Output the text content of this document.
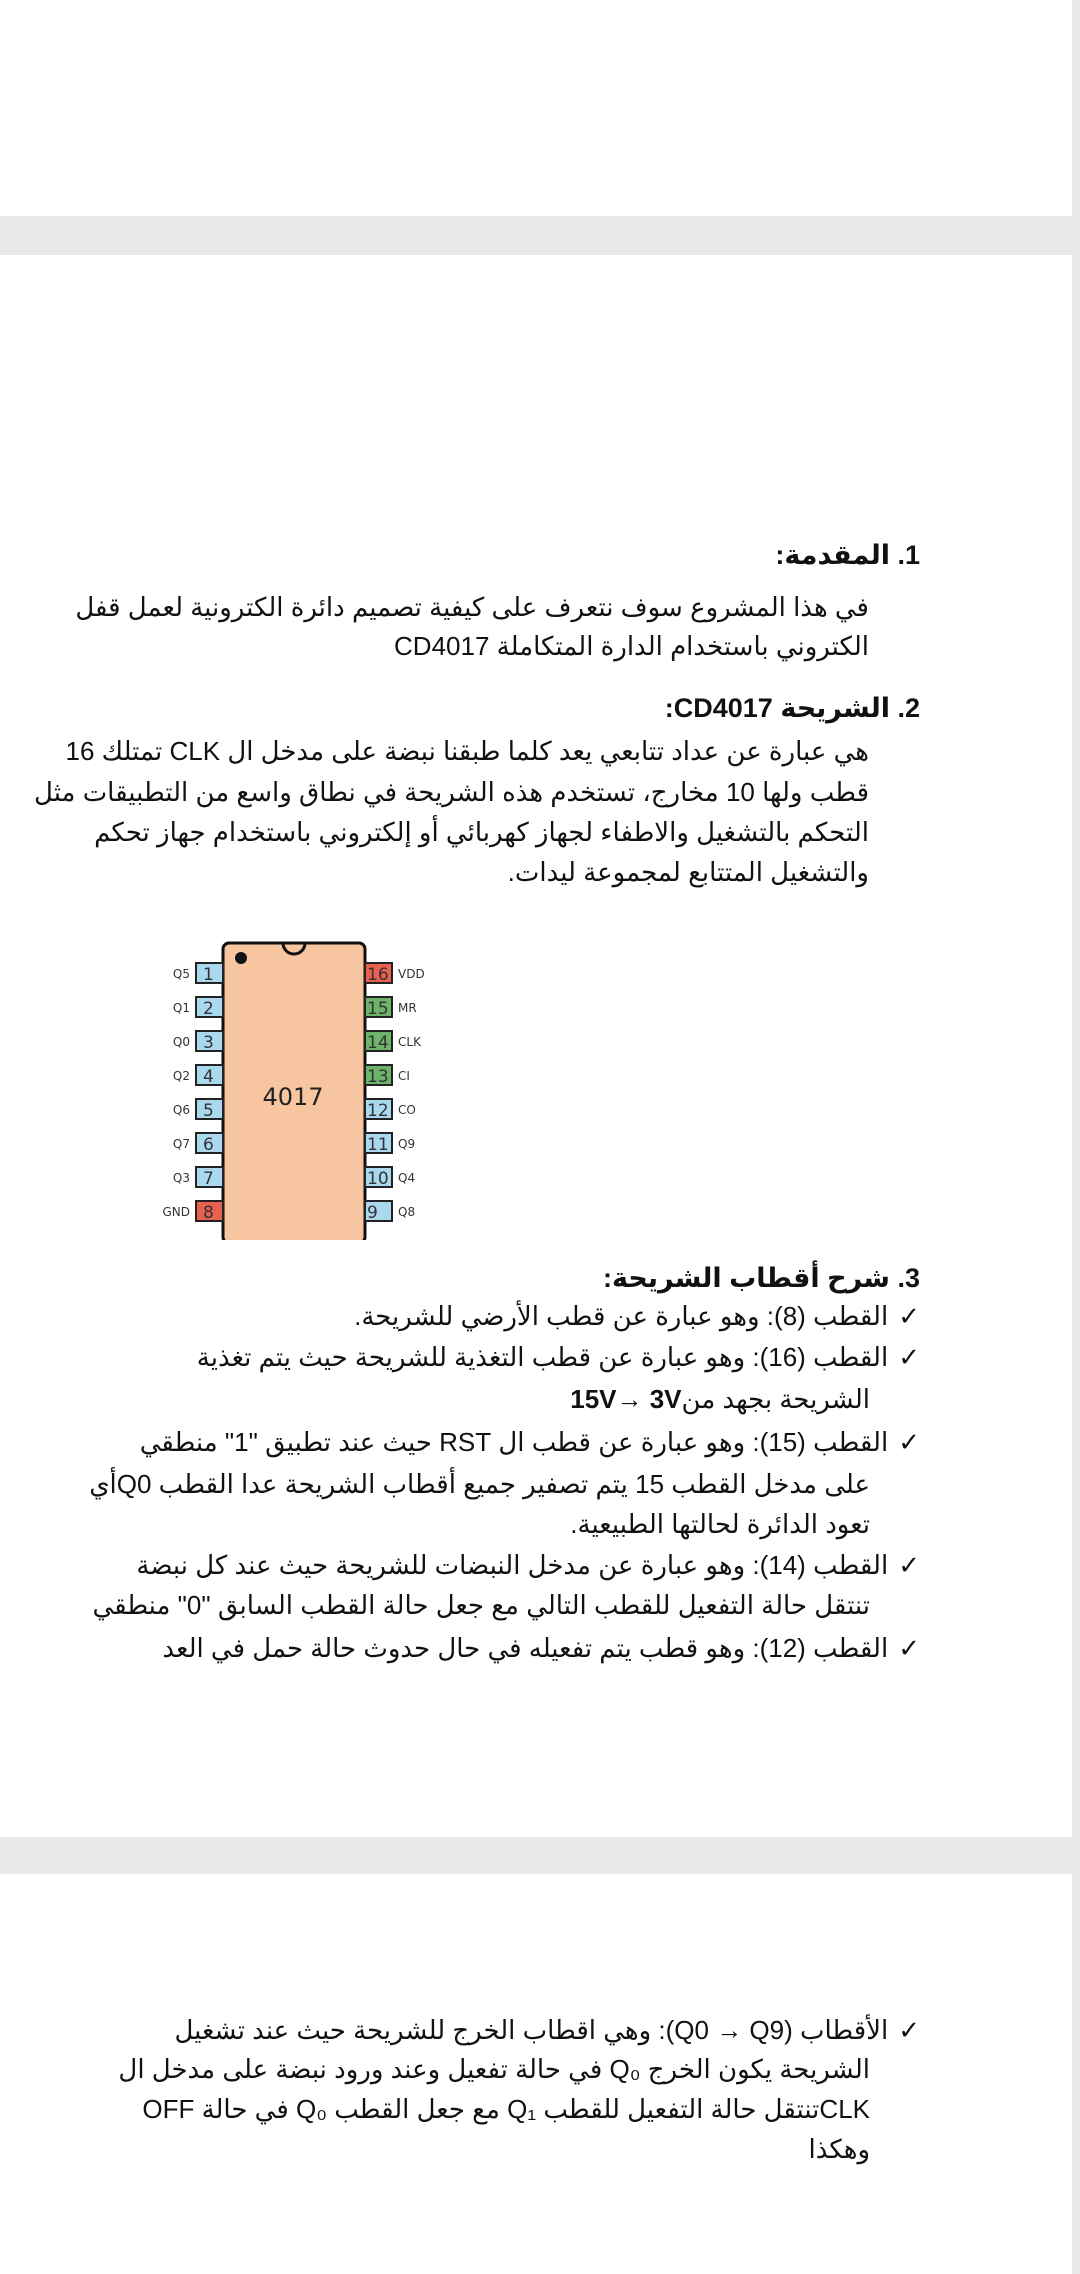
1. المقدمة:
في هذا المشروع سوف نتعرف على كيفية تصميم دائرة الكترونية لعمل قفل
الكتروني باستخدام الدارة المتكاملة CD4017
2. الشريحة CD4017:
هي عبارة عن عداد تتابعي يعد كلما طبقنا نبضة على مدخل ال CLK تمتلك 16
قطب ولها 10 مخارج، تستخدم هذه الشريحة في نطاق واسع من التطبيقات مثل
التحكم بالتشغيل والاطفاء لجهاز كهربائي أو إلكتروني باستخدام جهاز تحكم
والتشغيل المتتابع لمجموعة ليدات.
4017
1
Q5
2
Q1
3
Q0
4
Q2
5
Q6
6
Q7
7
Q3
8
GND
16 VDD
15 MR
14 CLK
13 CI
12 CO
11 Q9
10 Q4
9 Q8
3. شرح أقطاب الشريحة:
✓القطب (8): وهو عبارة عن قطب الأرضي للشريحة.
✓القطب (16): وهو عبارة عن قطب التغذية للشريحة حيث يتم تغذية
الشريحة بجهد من15V→ 3V
✓القطب (15): وهو عبارة عن قطب ال RST حيث عند تطبيق "1" منطقي
على مدخل القطب 15 يتم تصفير جميع أقطاب الشريحة عدا القطب Q0أي
تعود الدائرة لحالتها الطبيعية.
✓القطب (14): وهو عبارة عن مدخل النبضات للشريحة حيث عند كل نبضة
تنتقل حالة التفعيل للقطب التالي مع جعل حالة القطب السابق "0" منطقي
✓القطب (12): وهو قطب يتم تفعيله في حال حدوث حالة حمل في العد
✓الأقطاب (Q0 → Q9): وهي اقطاب الخرج للشريحة حيث عند تشغيل
الشريحة يكون الخرج Q₀ في حالة تفعيل وعند ورود نبضة على مدخل ال
CLKتنتقل حالة التفعيل للقطب Q₁ مع جعل القطب Q₀ في حالة OFF
وهكذا
